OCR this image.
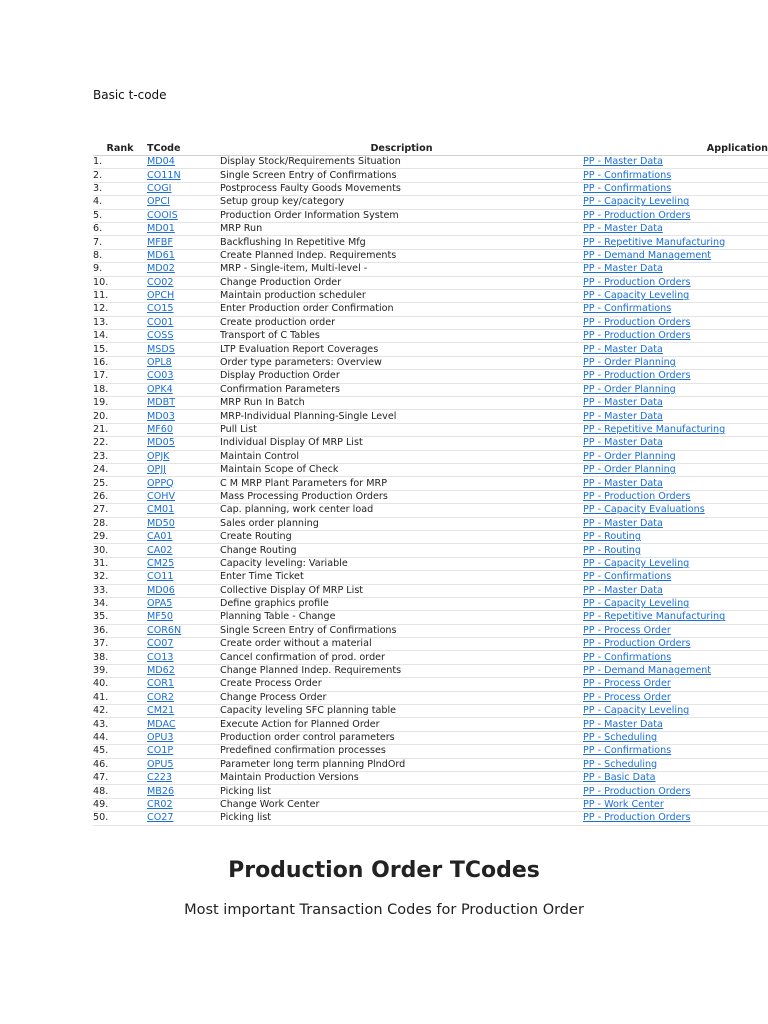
Basic t-code
Rank	TCode	Description	Application
1.	MD04	Display Stock/Requirements Situation	PP - Master Data
2.	CO11N	Single Screen Entry of Confirmations	PP - Confirmations
3.	COGI	Postprocess Faulty Goods Movements	PP - Confirmations
4.	OPCI	Setup group key/category	PP - Capacity Leveling
5.	COOIS	Production Order Information System	PP - Production Orders
6.	MD01	MRP Run	PP - Master Data
7.	MFBF	Backflushing In Repetitive Mfg	PP - Repetitive Manufacturing
8.	MD61	Create Planned Indep. Requirements	PP - Demand Management
9.	MD02	MRP - Single-item, Multi-level -	PP - Master Data
10.	CO02	Change Production Order	PP - Production Orders
11.	OPCH	Maintain production scheduler	PP - Capacity Leveling
12.	CO15	Enter Production order Confirmation	PP - Confirmations
13.	CO01	Create production order	PP - Production Orders
14.	COSS	Transport of C Tables	PP - Production Orders
15.	MSDS	LTP Evaluation Report Coverages	PP - Master Data
16.	OPL8	Order type parameters: Overview	PP - Order Planning
17.	CO03	Display Production Order	PP - Production Orders
18.	OPK4	Confirmation Parameters	PP - Order Planning
19.	MDBT	MRP Run In Batch	PP - Master Data
20.	MD03	MRP-Individual Planning-Single Level	PP - Master Data
21.	MF60	Pull List	PP - Repetitive Manufacturing
22.	MD05	Individual Display Of MRP List	PP - Master Data
23.	OPJK	Maintain Control	PP - Order Planning
24.	OPJJ	Maintain Scope of Check	PP - Order Planning
25.	OPPQ	C M MRP Plant Parameters for MRP	PP - Master Data
26.	COHV	Mass Processing Production Orders	PP - Production Orders
27.	CM01	Cap. planning, work center load	PP - Capacity Evaluations
28.	MD50	Sales order planning	PP - Master Data
29.	CA01	Create Routing	PP - Routing
30.	CA02	Change Routing	PP - Routing
31.	CM25	Capacity leveling: Variable	PP - Capacity Leveling
32.	CO11	Enter Time Ticket	PP - Confirmations
33.	MD06	Collective Display Of MRP List	PP - Master Data
34.	OPA5	Define graphics profile	PP - Capacity Leveling
35.	MF50	Planning Table - Change	PP - Repetitive Manufacturing
36.	COR6N	Single Screen Entry of Confirmations	PP - Process Order
37.	CO07	Create order without a material	PP - Production Orders
38.	CO13	Cancel confirmation of prod. order	PP - Confirmations
39.	MD62	Change Planned Indep. Requirements	PP - Demand Management
40.	COR1	Create Process Order	PP - Process Order
41.	COR2	Change Process Order	PP - Process Order
42.	CM21	Capacity leveling SFC planning table	PP - Capacity Leveling
43.	MDAC	Execute Action for Planned Order	PP - Master Data
44.	OPU3	Production order control parameters	PP - Scheduling
45.	CO1P	Predefined confirmation processes	PP - Confirmations
46.	OPU5	Parameter long term planning PlndOrd	PP - Scheduling
47.	C223	Maintain Production Versions	PP - Basic Data
48.	MB26	Picking list	PP - Production Orders
49.	CR02	Change Work Center	PP - Work Center
50.	CO27	Picking list	PP - Production Orders
Production Order TCodes
Most important Transaction Codes for Production Order
